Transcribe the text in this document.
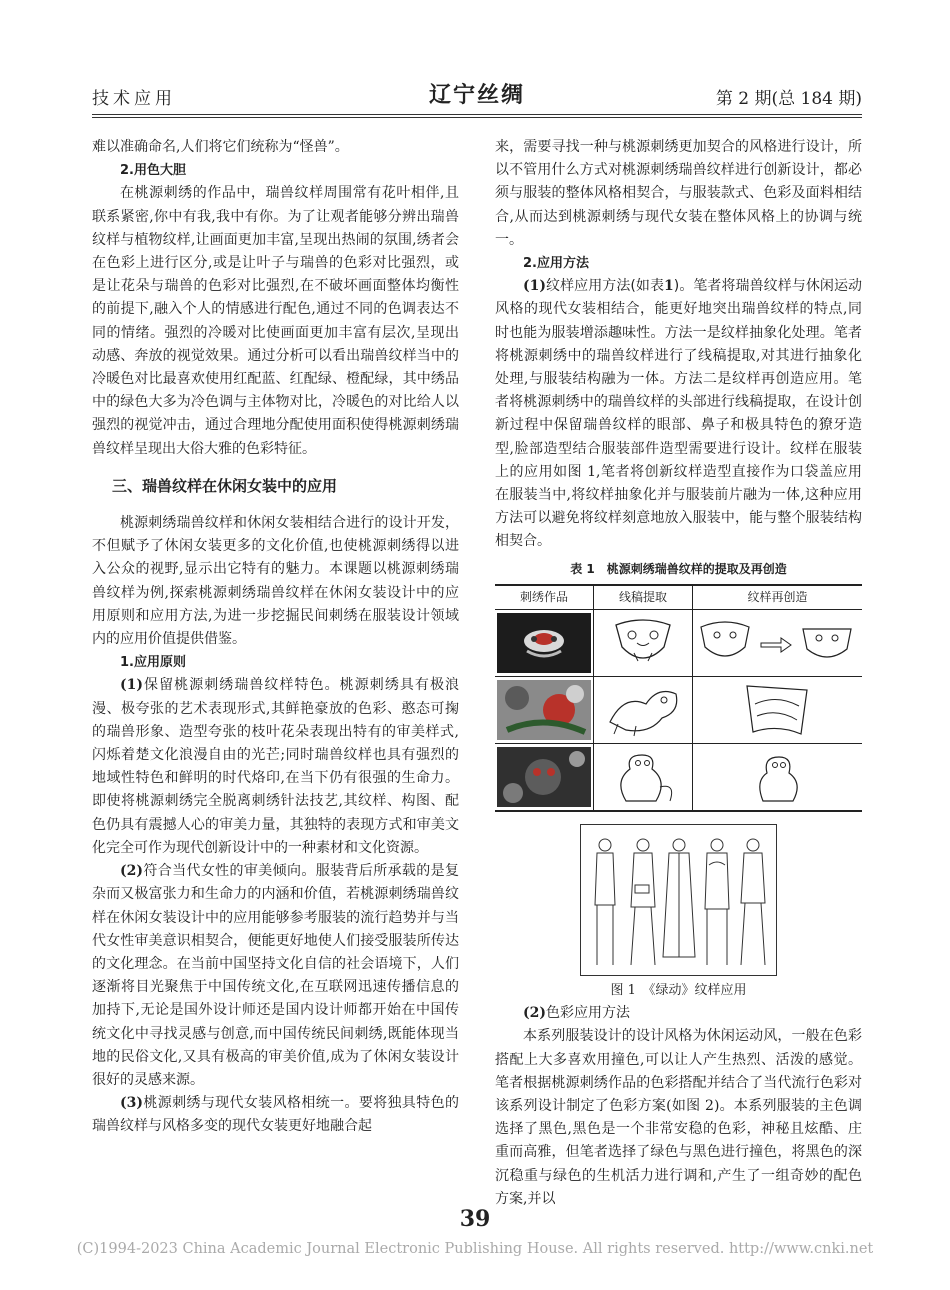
技术应用	辽宁丝绸	第 2 期(总 184 期)

难以准确命名,人们将它们统称为“怪兽”。

2.用色大胆

在桃源刺绣的作品中，瑞兽纹样周围常有花叶相伴,且联系紧密,你中有我,我中有你。为了让观者能够分辨出瑞兽纹样与植物纹样,让画面更加丰富,呈现出热闹的氛围,绣者会在色彩上进行区分,或是让叶子与瑞兽的色彩对比强烈，或是让花朵与瑞兽的色彩对比强烈,在不破坏画面整体均衡性的前提下,融入个人的情感进行配色,通过不同的色调表达不同的情绪。强烈的冷暖对比使画面更加丰富有层次,呈现出动感、奔放的视觉效果。通过分析可以看出瑞兽纹样当中的冷暖色对比最喜欢使用红配蓝、红配绿、橙配绿，其中绣品中的绿色大多为冷色调与主体物对比，冷暖色的对比给人以强烈的视觉冲击，通过合理地分配使用面积使得桃源刺绣瑞兽纹样呈现出大俗大雅的色彩特征。

三、瑞兽纹样在休闲女装中的应用

桃源刺绣瑞兽纹样和休闲女装相结合进行的设计开发，不但赋予了休闲女装更多的文化价值,也使桃源刺绣得以进入公众的视野,显示出它特有的魅力。本课题以桃源刺绣瑞兽纹样为例,探索桃源刺绣瑞兽纹样在休闲女装设计中的应用原则和应用方法,为进一步挖掘民间刺绣在服装设计领域内的应用价值提供借鉴。

1.应用原则

(1)保留桃源刺绣瑞兽纹样特色。桃源刺绣具有极浪漫、极夸张的艺术表现形式,其鲜艳豪放的色彩、憨态可掬的瑞兽形象、造型夸张的枝叶花朵表现出特有的审美样式,闪烁着楚文化浪漫自由的光芒;同时瑞兽纹样也具有强烈的地域性特色和鲜明的时代烙印,在当下仍有很强的生命力。即使将桃源刺绣完全脱离刺绣针法技艺,其纹样、构图、配色仍具有震撼人心的审美力量，其独特的表现方式和审美文化完全可作为现代创新设计中的一种素材和文化资源。

(2)符合当代女性的审美倾向。服装背后所承载的是复杂而又极富张力和生命力的内涵和价值，若桃源刺绣瑞兽纹样在休闲女装设计中的应用能够参考服装的流行趋势并与当代女性审美意识相契合，便能更好地使人们接受服装所传达的文化理念。在当前中国坚持文化自信的社会语境下，人们逐渐将目光聚焦于中国传统文化,在互联网迅速传播信息的加持下,无论是国外设计师还是国内设计师都开始在中国传统文化中寻找灵感与创意,而中国传统民间刺绣,既能体现当地的民俗文化,又具有极高的审美价值,成为了休闲女装设计很好的灵感来源。

(3)桃源刺绣与现代女装风格相统一。要将独具特色的瑞兽纹样与风格多变的现代女装更好地融合起

来，需要寻找一种与桃源刺绣更加契合的风格进行设计，所以不管用什么方式对桃源刺绣瑞兽纹样进行创新设计，都必须与服装的整体风格相契合，与服装款式、色彩及面料相结合,从而达到桃源刺绣与现代女装在整体风格上的协调与统一。

2.应用方法

(1)纹样应用方法(如表1)。笔者将瑞兽纹样与休闲运动风格的现代女装相结合，能更好地突出瑞兽纹样的特点,同时也能为服装增添趣味性。方法一是纹样抽象化处理。笔者将桃源刺绣中的瑞兽纹样进行了线稿提取,对其进行抽象化处理,与服装结构融为一体。方法二是纹样再创造应用。笔者将桃源刺绣中的瑞兽纹样的头部进行线稿提取，在设计创新过程中保留瑞兽纹样的眼部、鼻子和极具特色的獠牙造型,脸部造型结合服装部件造型需要进行设计。纹样在服装上的应用如图 1,笔者将创新纹样造型直接作为口袋盖应用在服装当中,将纹样抽象化并与服装前片融为一体,这种应用方法可以避免将纹样刻意地放入服装中，能与整个服装结构相契合。

表 1　桃源刺绣瑞兽纹样的提取及再创造
刺绣作品	线稿提取	纹样再创造

图 1　《绿动》纹样应用

(2)色彩应用方法

本系列服装设计的设计风格为休闲运动风，一般在色彩搭配上大多喜欢用撞色,可以让人产生热烈、活泼的感觉。笔者根据桃源刺绣作品的色彩搭配并结合了当代流行色彩对该系列设计制定了色彩方案(如图 2)。本系列服装的主色调选择了黑色,黑色是一个非常安稳的色彩，神秘且炫酷、庄重而高雅，但笔者选择了绿色与黑色进行撞色，将黑色的深沉稳重与绿色的生机活力进行调和,产生了一组奇妙的配色方案,并以

39
(C)1994-2023 China Academic Journal Electronic Publishing House. All rights reserved. http://www.cnki.net
